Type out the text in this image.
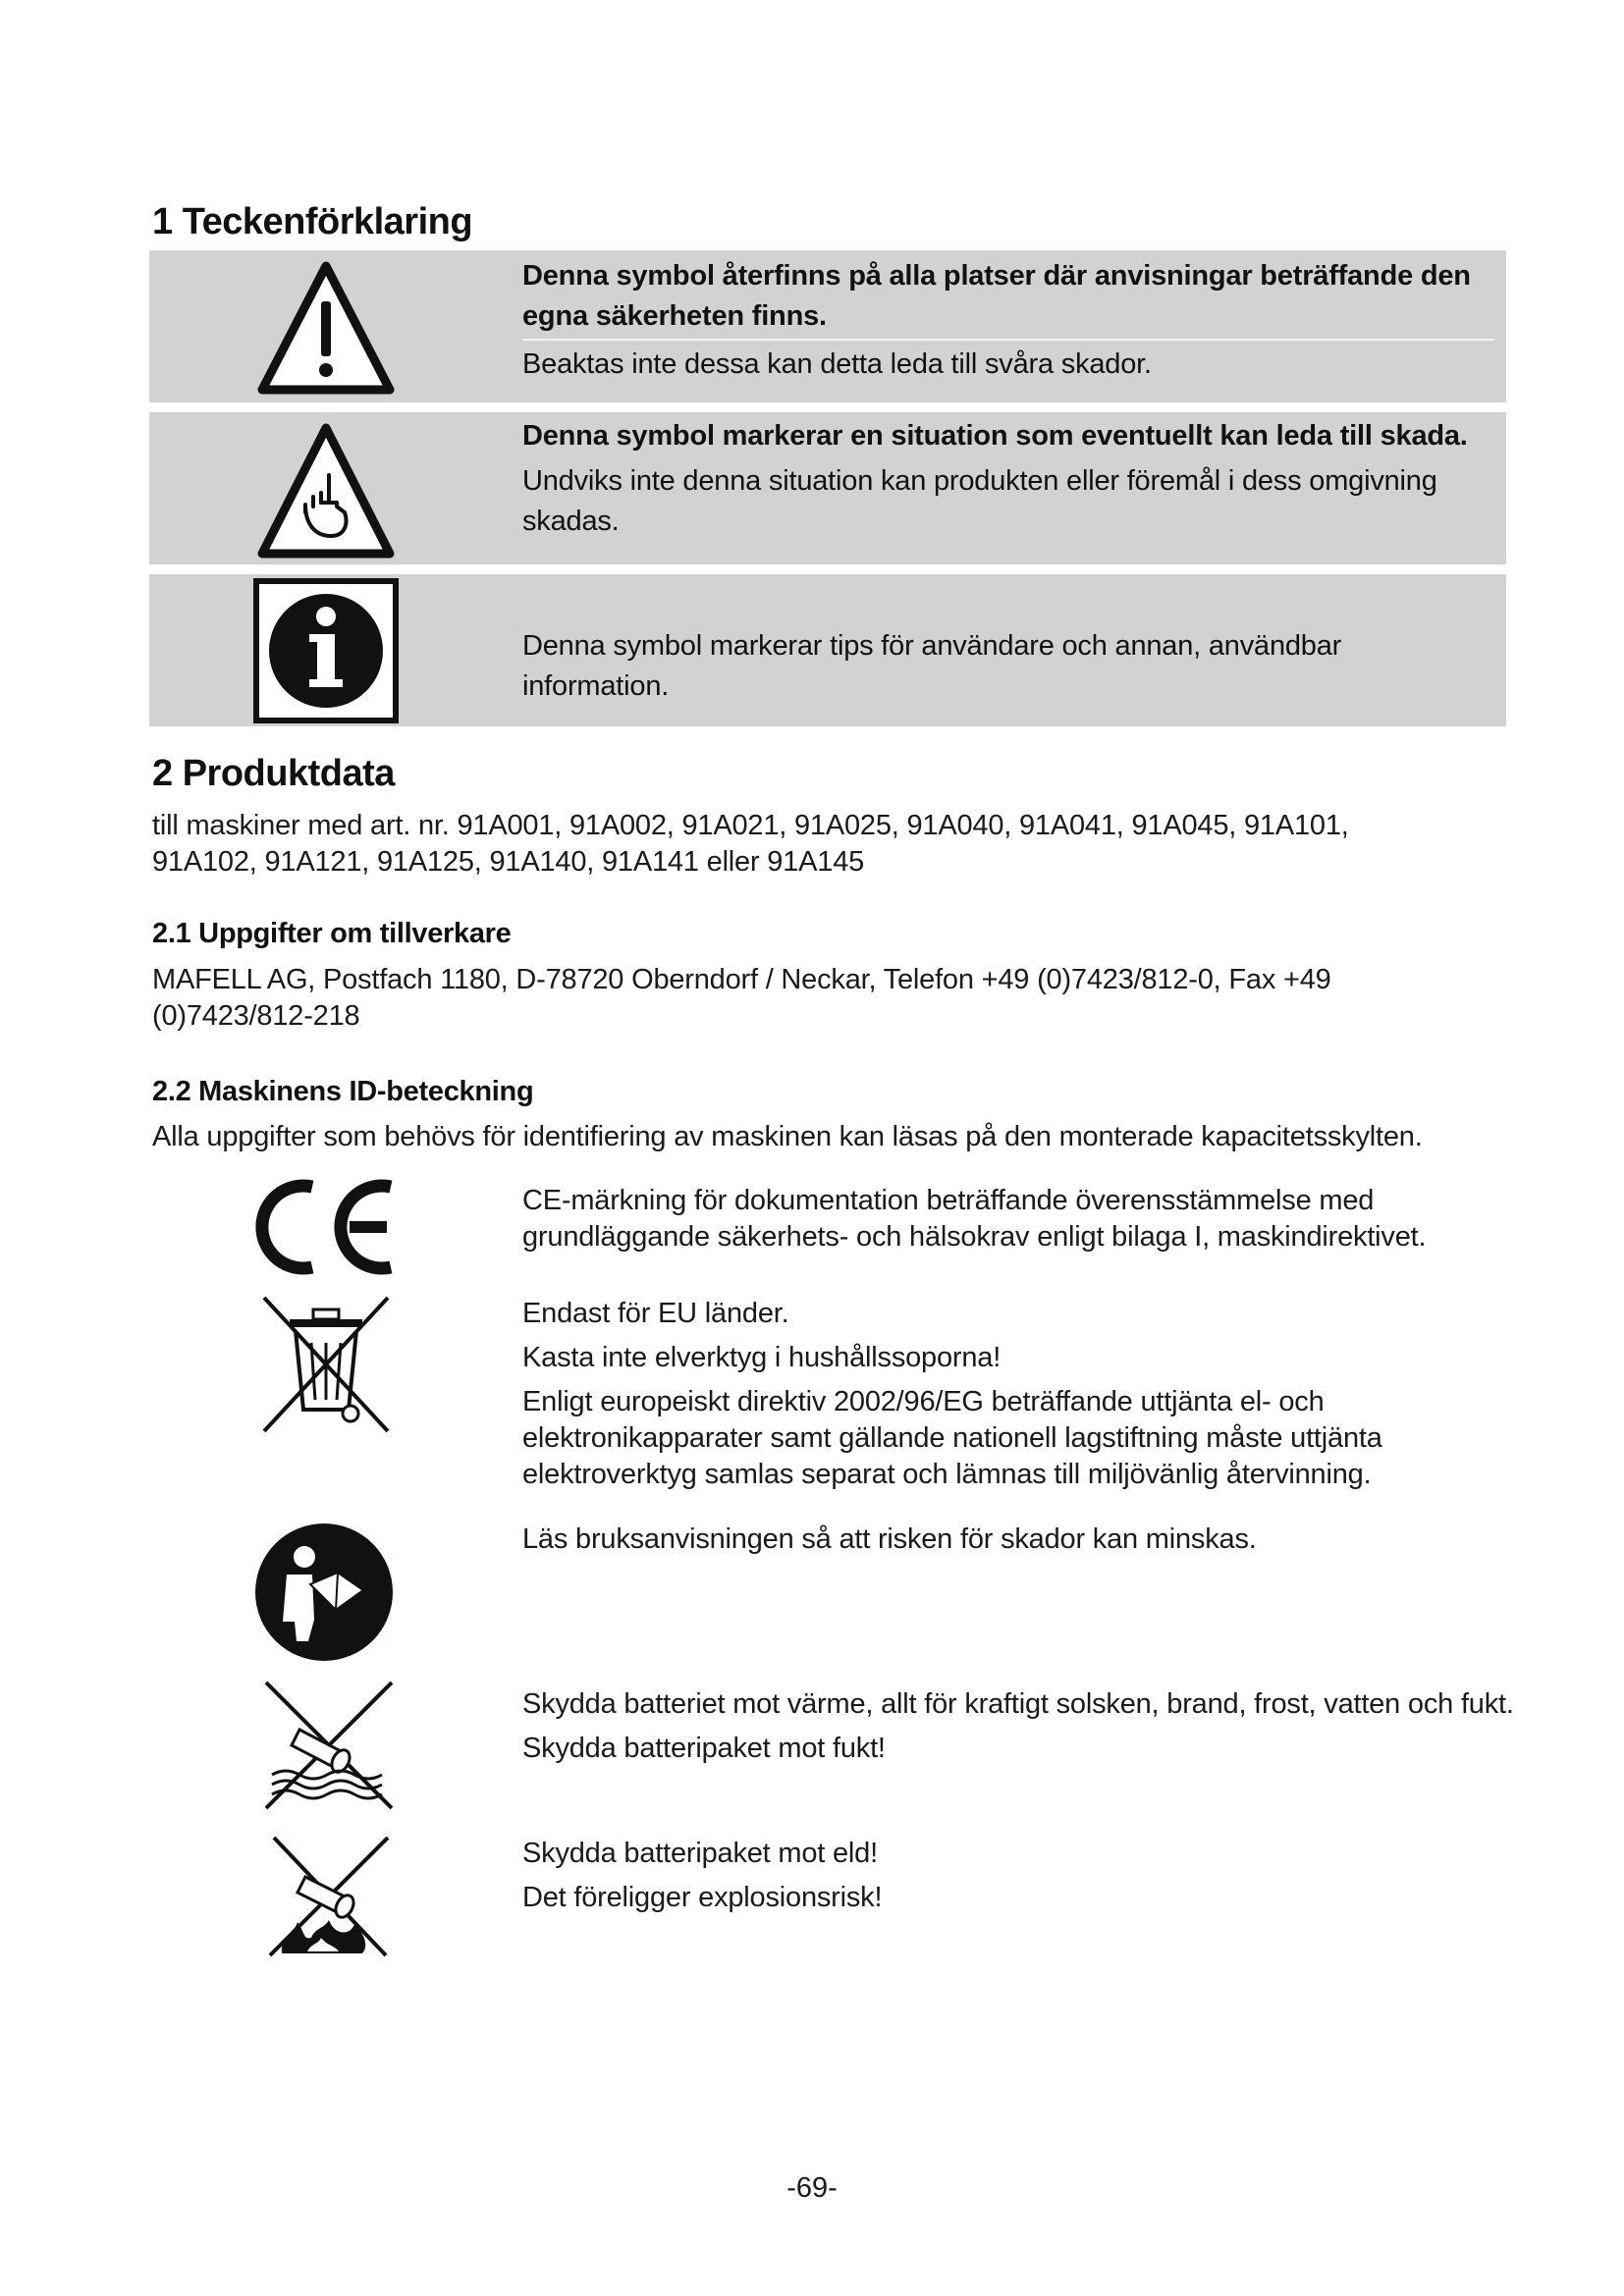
1 Teckenförklaring
Denna symbol återfinns på alla platser där anvisningar beträffande den egna säkerheten finns.
Beaktas inte dessa kan detta leda till svåra skador.
Denna symbol markerar en situation som eventuellt kan leda till skada.
Undviks inte denna situation kan produkten eller föremål i dess omgivning skadas.
Denna symbol markerar tips för användare och annan, användbar information.
2 Produktdata

till maskiner med art. nr. 91A001, 91A002, 91A021, 91A025, 91A040, 91A041, 91A045, 91A101, 91A102, 91A121, 91A125, 91A140, 91A141 eller 91A145

2.1 Uppgifter om tillverkare

MAFELL AG, Postfach 1180, D-78720 Oberndorf / Neckar, Telefon +49 (0)7423/812-0, Fax +49 (0)7423/812-218

2.2 Maskinens ID-beteckning

Alla uppgifter som behövs för identifiering av maskinen kan läsas på den monterade kapacitetsskylten.

CE-märkning för dokumentation beträffande överensstämmelse med grundläggande säkerhets- och hälsokrav enligt bilaga I, maskindirektivet.

Endast för EU länder.

Kasta inte elverktyg i hushållssoporna!

Enligt europeiskt direktiv 2002/96/EG beträffande uttjänta el- och elektronikapparater samt gällande nationell lagstiftning måste uttjänta elektroverktyg samlas separat och lämnas till miljövänlig återvinning.

Läs bruksanvisningen så att risken för skador kan minskas.

Skydda batteriet mot värme, allt för kraftigt solsken, brand, frost, vatten och fukt.

Skydda batteripaket mot fukt!

Skydda batteripaket mot eld!

Det föreligger explosionsrisk!

-69-
